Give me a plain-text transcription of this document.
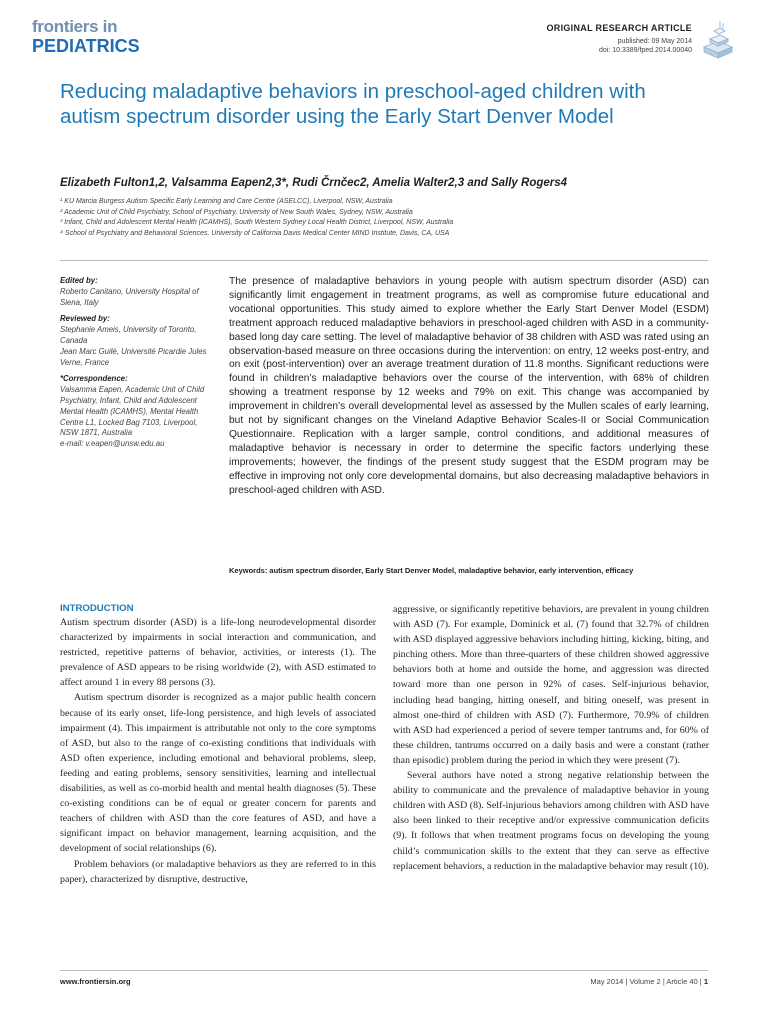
frontiers in
PEDIATRICS
ORIGINAL RESEARCH ARTICLE
published: 09 May 2014
doi: 10.3389/fped.2014.00040
Reducing maladaptive behaviors in preschool-aged children with autism spectrum disorder using the Early Start Denver Model
Elizabeth Fulton1,2, Valsamma Eapen2,3*, Rudi Črnčec2, Amelia Walter2,3 and Sally Rogers4
¹ KU Marcia Burgess Autism Specific Early Learning and Care Centre (ASELCC), Liverpool, NSW, Australia
² Academic Unit of Child Psychiatry, School of Psychiatry, University of New South Wales, Sydney, NSW, Australia
³ Infant, Child and Adolescent Mental Health (ICAMHS), South Western Sydney Local Health District, Liverpool, NSW, Australia
⁴ School of Psychiatry and Behavioral Sciences, University of California Davis Medical Center MIND Institute, Davis, CA, USA
Edited by:
Roberto Canitano, University Hospital of Siena, Italy
Reviewed by:
Stephanie Ameis, University of Toronto, Canada
Jean Marc Guilé, Université Picardie Jules Verne, France
*Correspondence:
Valsamma Eapen, Academic Unit of Child Psychiatry, Infant, Child and Adolescent Mental Health (ICAMHS), Mental Health Centre L1, Locked Bag 7103, Liverpool, NSW 1871, Australia
e-mail: v.eapen@unsw.edu.au
The presence of maladaptive behaviors in young people with autism spectrum disorder (ASD) can significantly limit engagement in treatment programs, as well as compromise future educational and vocational opportunities. This study aimed to explore whether the Early Start Denver Model (ESDM) treatment approach reduced maladaptive behaviors in preschool-aged children with ASD in a community-based long day care setting. The level of maladaptive behavior of 38 children with ASD was rated using an observation-based measure on three occasions during the intervention: on entry, 12 weeks post-entry, and on exit (post-intervention) over an average treatment duration of 11.8 months. Significant reductions were found in children’s maladaptive behaviors over the course of the intervention, with 68% of children showing a treatment response by 12 weeks and 79% on exit. This change was accompanied by improvement in children’s overall developmental level as assessed by the Mullen scales of early learning, but not by significant changes on the Vineland Adaptive Behavior Scales-II or Social Communication Questionnaire. Replication with a larger sample, control conditions, and additional measures of maladaptive behavior is necessary in order to determine the specific factors underlying these improvements; however, the findings of the present study suggest that the ESDM program may be effective in improving not only core developmental domains, but also decreasing maladaptive behaviors in preschool-aged children with ASD.
Keywords: autism spectrum disorder, Early Start Denver Model, maladaptive behavior, early intervention, efficacy
INTRODUCTION

Autism spectrum disorder (ASD) is a life-long neurodevelopmental disorder characterized by impairments in social interaction and communication, and restricted, repetitive patterns of behavior, activities, or interests (1). The prevalence of ASD appears to be rising worldwide (2), with ASD estimated to affect around 1 in every 88 persons (3).

Autism spectrum disorder is recognized as a major public health concern because of its early onset, life-long persistence, and high levels of associated impairment (4). This impairment is attributable not only to the core symptoms of ASD, but also to the range of co-existing conditions that individuals with ASD often experience, including emotional and behavioral problems, sleep, feeding and eating problems, sensory sensitivities, learning and intellectual disabilities, as well as co-morbid health and mental health diagnoses (5). These co-existing conditions can be of equal or greater concern for parents and teachers of children with ASD than the core features of ASD, and have a significant impact on behavior management, learning acquisition, and the development of social relationships (6).

Problem behaviors (or maladaptive behaviors as they are referred to in this paper), characterized by disruptive, destructive,

aggressive, or significantly repetitive behaviors, are prevalent in young children with ASD (7). For example, Dominick et al. (7) found that 32.7% of children with ASD displayed aggressive behaviors including hitting, kicking, biting, and pinching others. More than three-quarters of these children showed aggressive behaviors both at home and outside the home, and aggression was directed toward more than one person in 92% of cases. Self-injurious behavior, including head banging, hitting oneself, and biting oneself, was present in almost one-third of children with ASD (7). Furthermore, 70.9% of children with ASD had experienced a period of severe temper tantrums and, for 60% of these children, tantrums occurred on a daily basis and were a constant (rather than episodic) problem during the period in which they were present (7).

Several authors have noted a strong negative relationship between the ability to communicate and the prevalence of maladaptive behavior in young children with ASD (8). Self-injurious behaviors among children with ASD have also been linked to their receptive and/or expressive communication deficits (9). It follows that when treatment programs focus on developing the young child’s communication skills to the extent that they can serve as effective replacement behaviors, a reduction in the maladaptive behavior may result (10).

www.frontiersin.org	May 2014 | Volume 2 | Article 40 | 1
